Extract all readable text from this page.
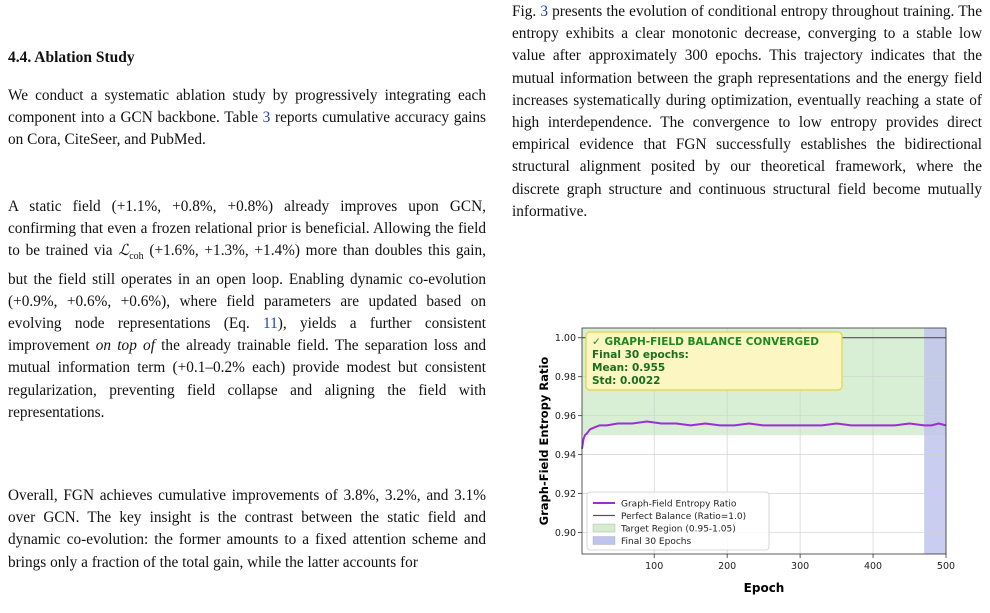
4.4. Ablation Study

We conduct a systematic ablation study by progressively integrating each component into a GCN backbone. Table 3 reports cumulative accuracy gains on Cora, CiteSeer, and PubMed.

A static field (+1.1%, +0.8%, +0.8%) already improves upon GCN, confirming that even a frozen relational prior is beneficial. Allowing the field to be trained via ℒ$_{coh}$ (+1.6%, +1.3%, +1.4%) more than doubles this gain, but the field still operates in an open loop. Enabling dynamic co-evolution (+0.9%, +0.6%, +0.6%), where field parameters are updated based on evolving node representations (Eq. 11), yields a further consistent improvement on top of the already trainable field. The separation loss and mutual information term (+0.1–0.2% each) provide modest but consistent regularization, preventing field collapse and aligning the field with representations.

Overall, FGN achieves cumulative improvements of 3.8%, 3.2%, and 3.1% over GCN. The key insight is the contrast between the static field and dynamic co-evolution: the former amounts to a fixed attention scheme and brings only a fraction of the total gain, while the latter accounts for

Fig. 3 presents the evolution of conditional entropy throughout training. The entropy exhibits a clear monotonic decrease, converging to a stable low value after approximately 300 epochs. This trajectory indicates that the mutual information between the graph representations and the energy field increases systematically during optimization, eventually reaching a state of high interdependence. The convergence to low entropy provides direct empirical evidence that FGN successfully establishes the bidirectional structural alignment posited by our theoretical framework, where the discrete graph structure and continuous structural field become mutually informative.

100	200	300	400	500
0.90
0.92
0.94
0.96
0.98
1.00
Epoch
Graph-Field Entropy Ratio
✓ GRAPH-FIELD BALANCE CONVERGED
Final 30 epochs:
Mean: 0.955
Std: 0.0022
Graph-Field Entropy Ratio
Perfect Balance (Ratio=1.0)
Target Region (0.95-1.05)
Final 30 Epochs
